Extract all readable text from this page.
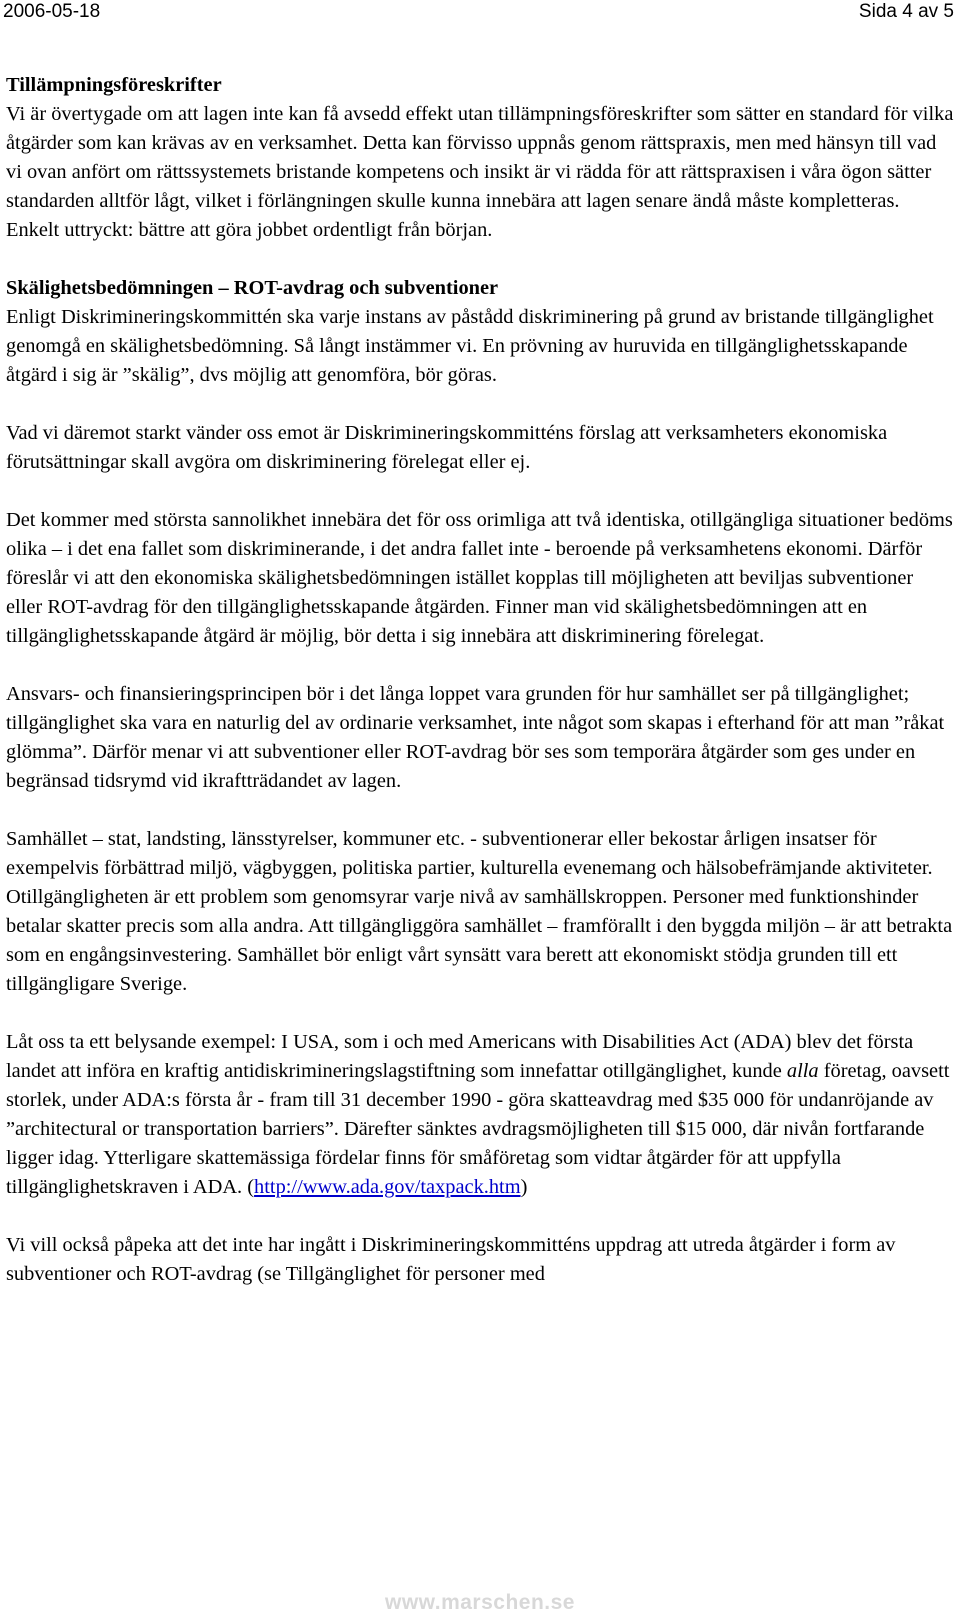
2006-05-18	Sida 4 av 5
Tillämpningsföreskrifter

Vi är övertygade om att lagen inte kan få avsedd effekt utan tillämpningsföreskrifter som sätter en standard för vilka åtgärder som kan krävas av en verksamhet. Detta kan förvisso uppnås genom rättspraxis, men med hänsyn till vad vi ovan anfört om rättssystemets bristande kompetens och insikt är vi rädda för att rättspraxisen i våra ögon sätter standarden alltför lågt, vilket i förlängningen skulle kunna innebära att lagen senare ändå måste kompletteras. Enkelt uttryckt: bättre att göra jobbet ordentligt från början.

Skälighetsbedömningen – ROT-avdrag och subventioner

Enligt Diskrimineringskommittén ska varje instans av påstådd diskriminering på grund av bristande tillgänglighet genomgå en skälighetsbedömning. Så långt instämmer vi. En prövning av huruvida en tillgänglighetsskapande åtgärd i sig är ”skälig”, dvs möjlig att genomföra, bör göras.

Vad vi däremot starkt vänder oss emot är Diskrimineringskommitténs förslag att verksamheters ekonomiska förutsättningar skall avgöra om diskriminering förelegat eller ej.

Det kommer med största sannolikhet innebära det för oss orimliga att två identiska, otillgängliga situationer bedöms olika – i det ena fallet som diskriminerande, i det andra fallet inte - beroende på verksamhetens ekonomi. Därför föreslår vi att den ekonomiska skälighetsbedömningen istället kopplas till möjligheten att beviljas subventioner eller ROT-avdrag för den tillgänglighetsskapande åtgärden. Finner man vid skälighetsbedömningen att en tillgänglighetsskapande åtgärd är möjlig, bör detta i sig innebära att diskriminering förelegat.

Ansvars- och finansieringsprincipen bör i det långa loppet vara grunden för hur samhället ser på tillgänglighet; tillgänglighet ska vara en naturlig del av ordinarie verksamhet, inte något som skapas i efterhand för att man ”råkat glömma”. Därför menar vi att subventioner eller ROT-avdrag bör ses som temporära åtgärder som ges under en begränsad tidsrymd vid ikraftträdandet av lagen.

Samhället – stat, landsting, länsstyrelser, kommuner etc. - subventionerar eller bekostar årligen insatser för exempelvis förbättrad miljö, vägbyggen, politiska partier, kulturella evenemang och hälsobefrämjande aktiviteter. Otillgängligheten är ett problem som genomsyrar varje nivå av samhällskroppen. Personer med funktionshinder betalar skatter precis som alla andra. Att tillgängliggöra samhället – framförallt i den byggda miljön – är att betrakta som en engångsinvestering. Samhället bör enligt vårt synsätt vara berett att ekonomiskt stödja grunden till ett tillgängligare Sverige.

Låt oss ta ett belysande exempel: I USA, som i och med Americans with Disabilities Act (ADA) blev det första landet att införa en kraftig antidiskrimineringslagstiftning som innefattar otillgänglighet, kunde alla företag, oavsett storlek, under ADA:s första år - fram till 31 december 1990 - göra skatteavdrag med $35 000 för undanröjande av ”architectural or transportation barriers”. Därefter sänktes avdragsmöjligheten till $15 000, där nivån fortfarande ligger idag. Ytterligare skattemässiga fördelar finns för småföretag som vidtar åtgärder för att uppfylla tillgänglighetskraven i ADA. (http://www.ada.gov/taxpack.htm)

Vi vill också påpeka att det inte har ingått i Diskrimineringskommitténs uppdrag att utreda åtgärder i form av subventioner och ROT-avdrag (se Tillgänglighet för personer med

www.marschen.se
